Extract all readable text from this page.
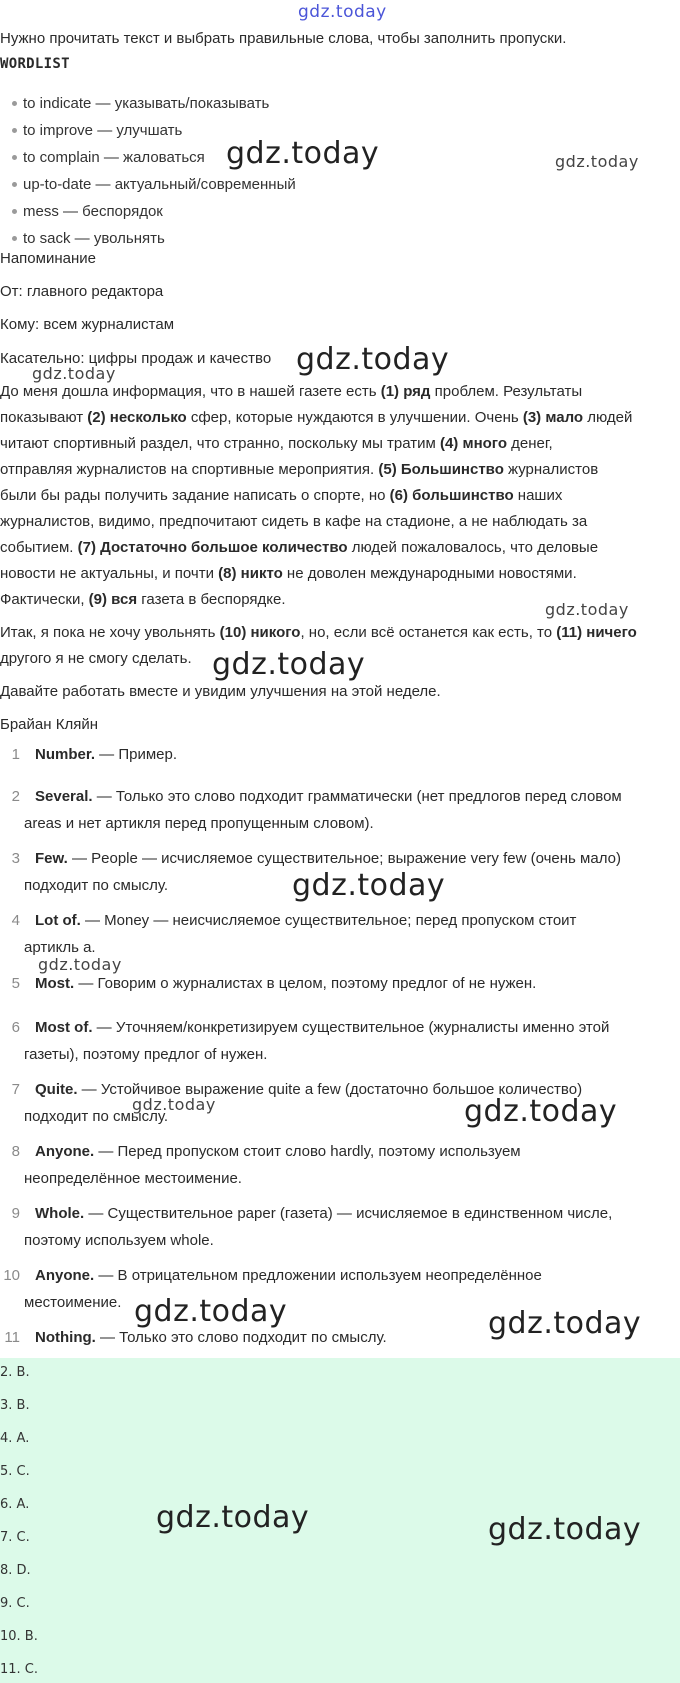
gdz.today
Нужно прочитать текст и выбрать правильные слова, чтобы заполнить пропуски.
WORDLIST
to indicate — указывать/показывать
to improve — улучшать
to complain — жаловаться
up-to-date — актуальный/современный
mess — беспорядок
to sack — увольнять
Напоминание
От: главного редактора
Кому: всем журналистам
Касательно: цифры продаж и качество
До меня дошла информация, что в нашей газете есть (1) ряд проблем. Результаты
показывают (2) несколько сфер, которые нуждаются в улучшении. Очень (3) мало людей
читают спортивный раздел, что странно, поскольку мы тратим (4) много денег,
отправляя журналистов на спортивные мероприятия. (5) Большинство журналистов
были бы рады получить задание написать о спорте, но (6) большинство наших
журналистов, видимо, предпочитают сидеть в кафе на стадионе, а не наблюдать за
событием. (7) Достаточно большое количество людей пожаловалось, что деловые
новости не актуальны, и почти (8) никто не доволен международными новостями.
Фактически, (9) вся газета в беспорядке.
Итак, я пока не хочу увольнять (10) никого, но, если всё останется как есть, то (11) ничего
другого я не смогу сделать.
Давайте работать вместе и увидим улучшения на этой неделе.
Брайан Кляйн
1 Number. — Пример.
2 Several. — Только это слово подходит грамматически (нет предлогов перед словом
areas и нет артикля перед пропущенным словом).
3 Few. — People — исчисляемое существительное; выражение very few (очень мало)
подходит по смыслу.
4 Lot of. — Money — неисчисляемое существительное; перед пропуском стоит
артикль a.
5 Most. — Говорим о журналистах в целом, поэтому предлог of не нужен.
6 Most of. — Уточняем/конкретизируем существительное (журналисты именно этой
газеты), поэтому предлог of нужен.
7 Quite. — Устойчивое выражение quite a few (достаточно большое количество)
подходит по смыслу.
8 Anyone. — Перед пропуском стоит слово hardly, поэтому используем
неопределённое местоимение.
9 Whole. — Существительное paper (газета) — исчисляемое в единственном числе,
поэтому используем whole.
10 Anyone. — В отрицательном предложении используем неопределённое
местоимение.
11 Nothing. — Только это слово подходит по смыслу.
2. B.
3. B.
4. A.
5. C.
6. A.
7. C.
8. D.
9. C.
10. B.
11. C.
gdz.today	gdz.today
gdz.today
gdz.today
gdz.today
gdz.today
gdz.today
gdz.today
gdz.today	gdz.today
gdz.today	gdz.today
gdz.today	gdz.today
